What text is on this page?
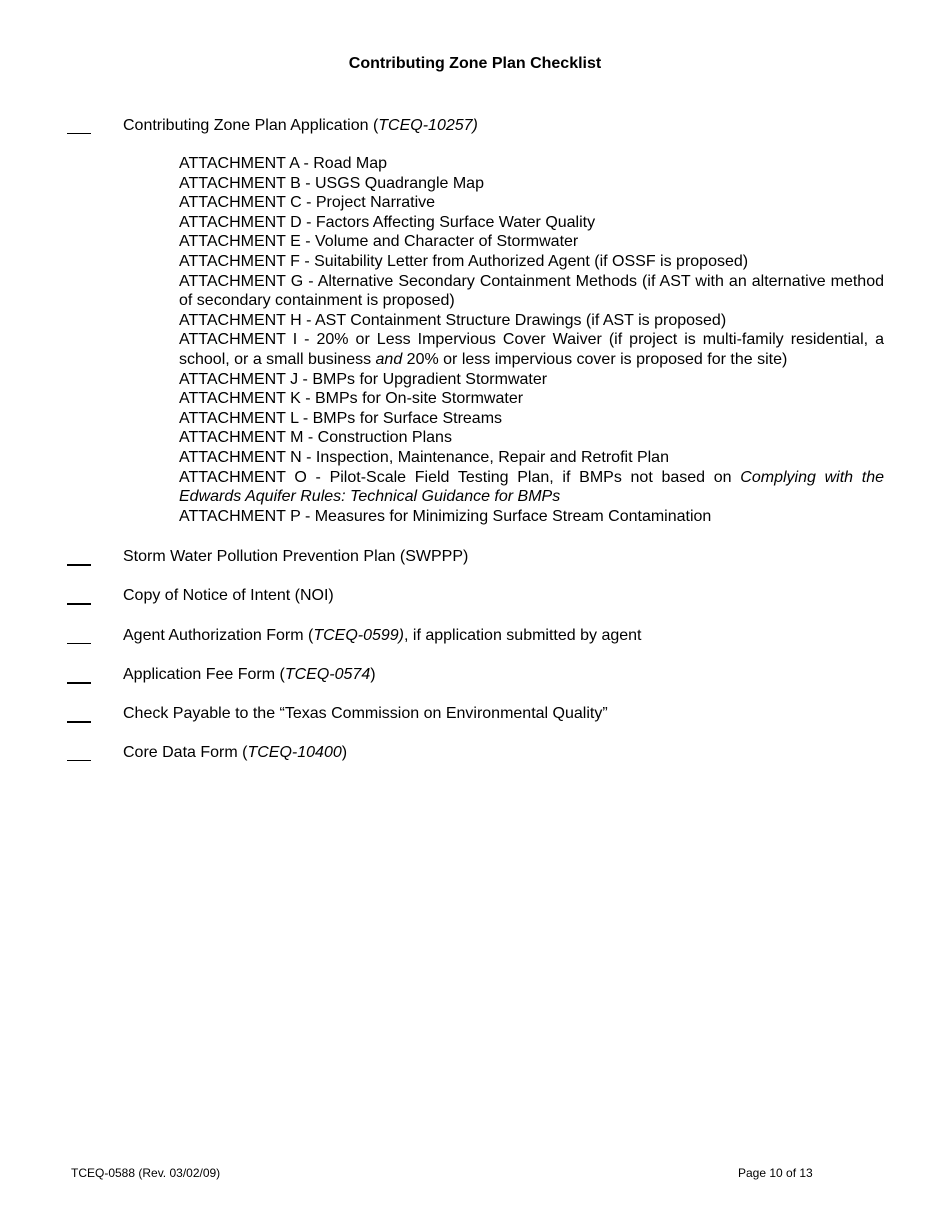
Contributing Zone Plan Checklist
Contributing Zone Plan Application (TCEQ-10257)
ATTACHMENT A - Road Map
ATTACHMENT B - USGS Quadrangle Map
ATTACHMENT C - Project Narrative
ATTACHMENT D - Factors Affecting Surface Water Quality
ATTACHMENT E - Volume and Character of Stormwater
ATTACHMENT F - Suitability Letter from Authorized Agent (if OSSF is proposed)
ATTACHMENT G - Alternative Secondary Containment Methods (if AST with an alternative method of secondary containment is proposed)
ATTACHMENT H - AST Containment Structure Drawings (if AST is proposed)
ATTACHMENT I - 20% or Less Impervious Cover Waiver (if project is multi-family residential, a school, or a small business and 20% or less impervious cover is proposed for the site)
ATTACHMENT J - BMPs for Upgradient Stormwater
ATTACHMENT K - BMPs for On-site Stormwater
ATTACHMENT L - BMPs for Surface Streams
ATTACHMENT M - Construction Plans
ATTACHMENT N - Inspection, Maintenance, Repair and Retrofit Plan
ATTACHMENT O - Pilot-Scale Field Testing Plan, if BMPs not based on Complying with the Edwards Aquifer Rules: Technical Guidance for BMPs
ATTACHMENT P - Measures for Minimizing Surface Stream Contamination
Storm Water Pollution Prevention Plan (SWPPP)
Copy of Notice of Intent (NOI)
Agent Authorization Form (TCEQ-0599), if application submitted by agent
Application Fee Form (TCEQ-0574)
Check Payable to the “Texas Commission on Environmental Quality”
Core Data Form (TCEQ-10400)
TCEQ-0588 (Rev. 03/02/09)	Page 10 of 13
